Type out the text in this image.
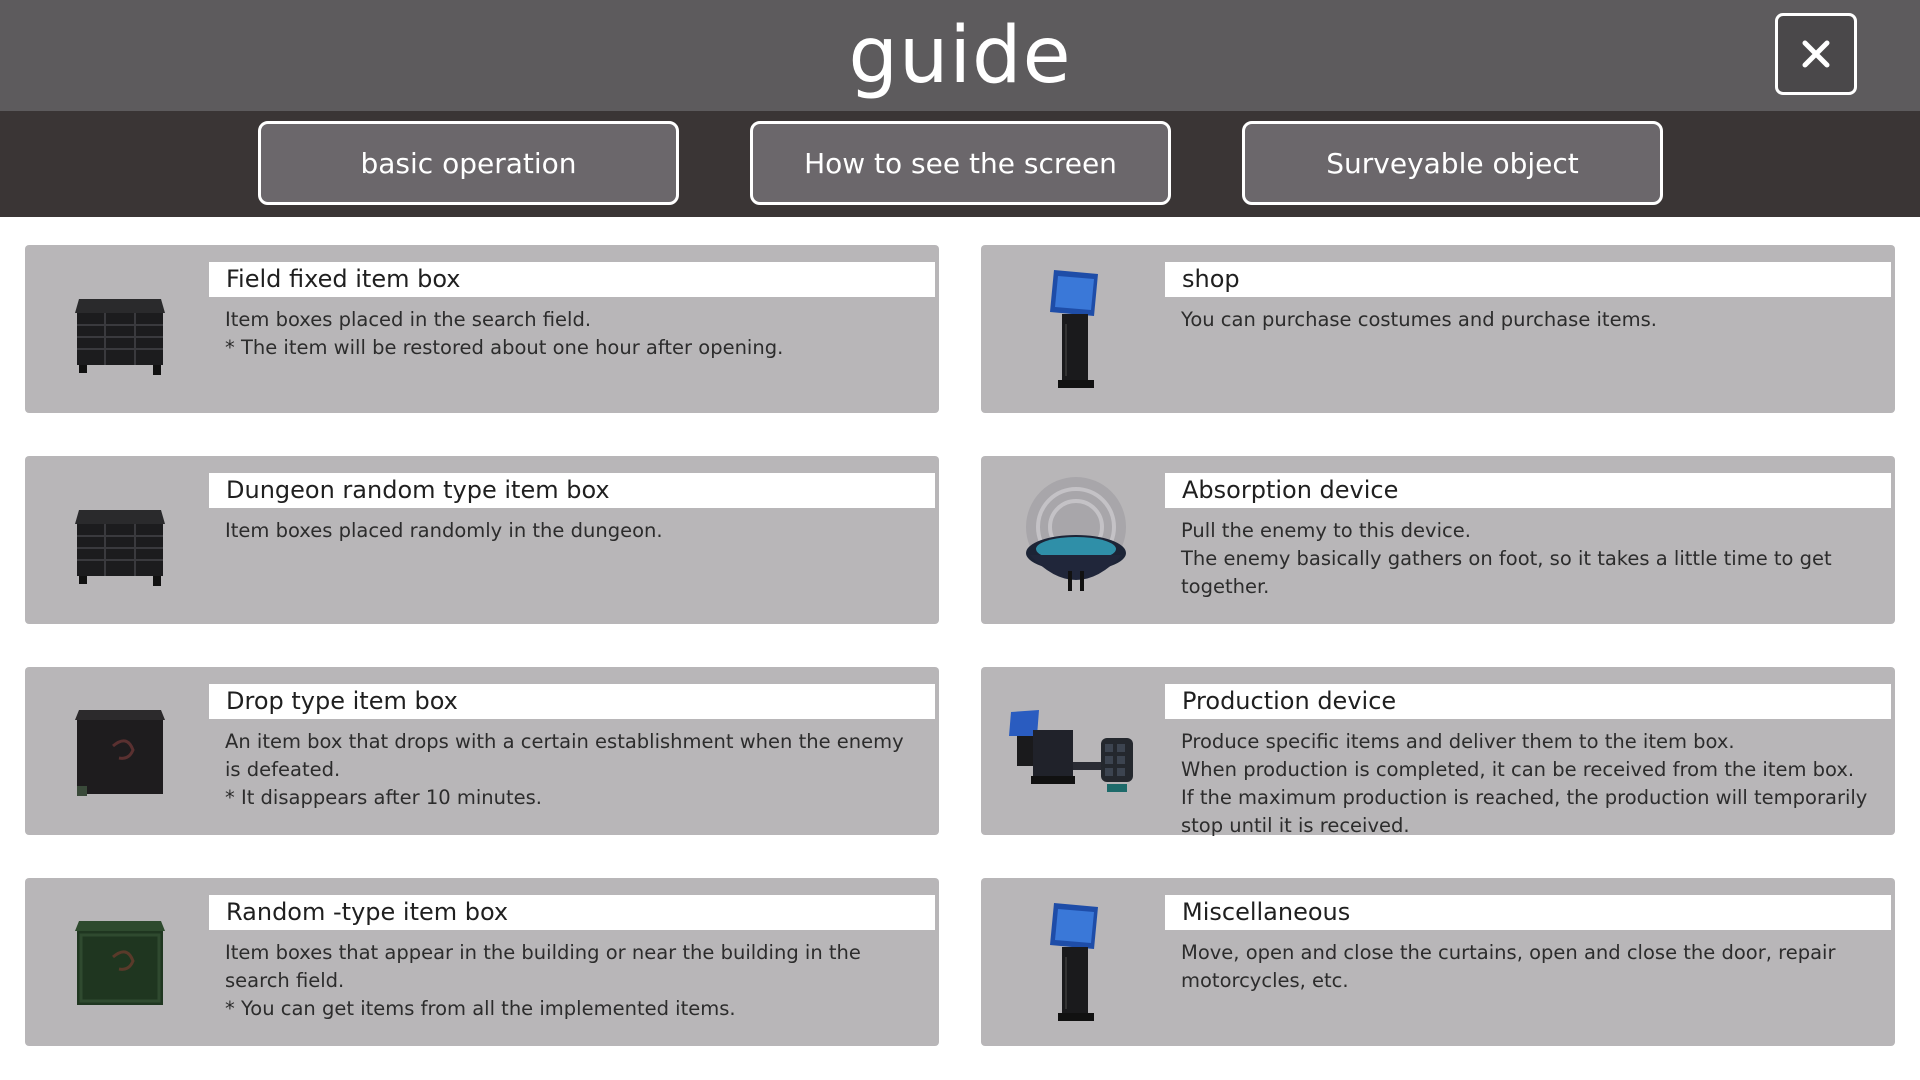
guide
basic operation	How to see the screen	Surveyable object
Field fixed item box
Item boxes placed in the search field.
* The item will be restored about one hour after opening.
shop
You can purchase costumes and purchase items.
Dungeon random type item box
Item boxes placed randomly in the dungeon.
Absorption device
Pull the enemy to this device.
The enemy basically gathers on foot, so it takes a little time to get together.
Drop type item box
An item box that drops with a certain establishment when the enemy is defeated.
* It disappears after 10 minutes.
Production device
Produce specific items and deliver them to the item box.
When production is completed, it can be received from the item box.
If the maximum production is reached, the production will temporarily stop until it is received.
Random -type item box
Item boxes that appear in the building or near the building in the search field.
* You can get items from all the implemented items.
Miscellaneous
Move, open and close the curtains, open and close the door, repair motorcycles, etc.
